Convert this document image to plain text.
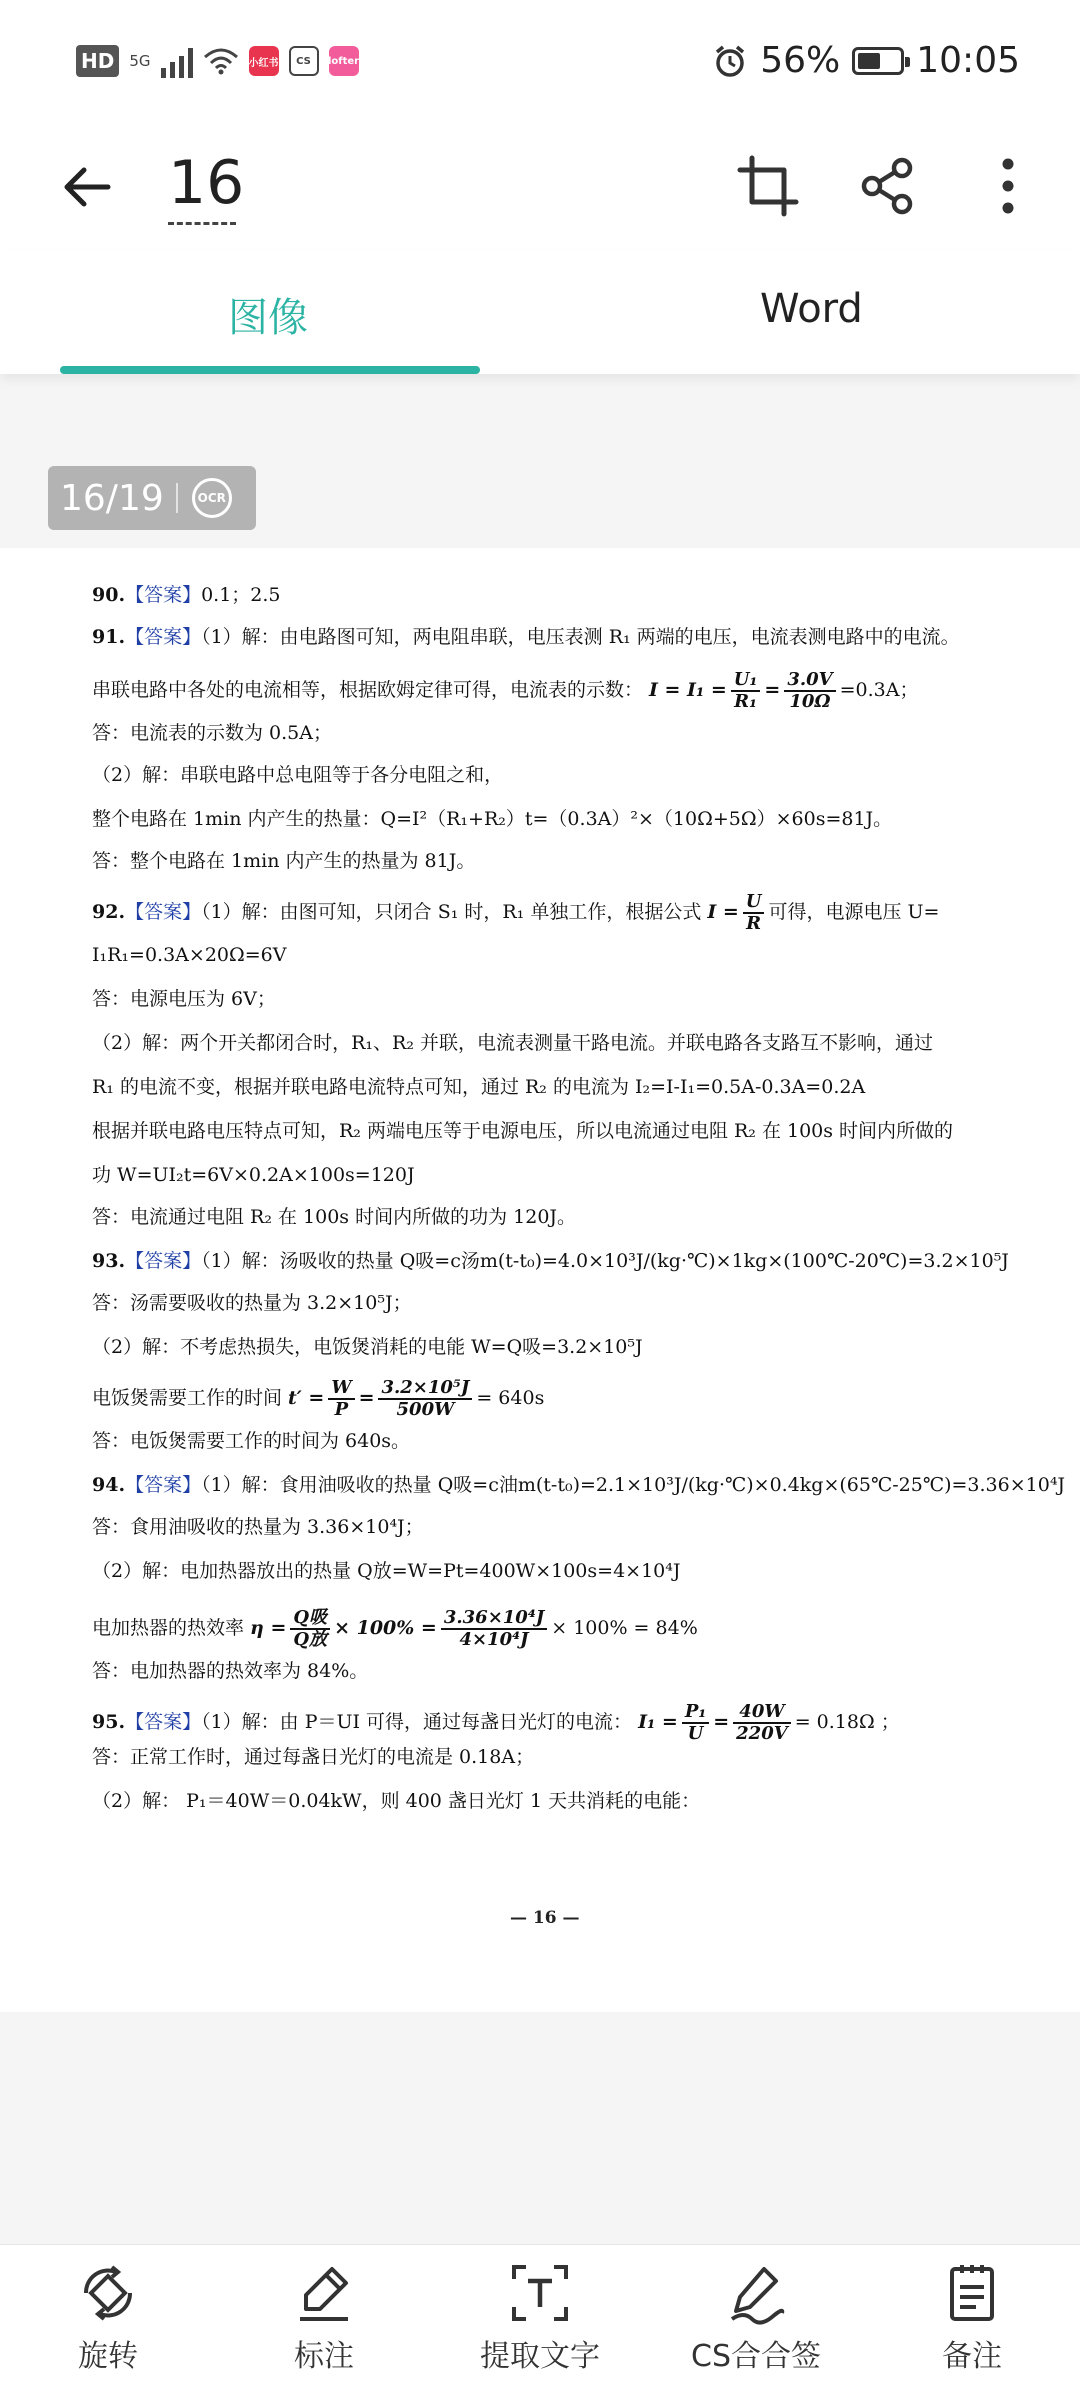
HD	5G	小红书	CS	lofter	56% 10:05
16
图像	Word
16/19	OCR
90.【答案】0.1；2.5
91.【答案】（1）解：由电路图可知，两电阻串联，电压表测 R₁ 两端的电压，电流表测电路中的电流。
串联电路中各处的电流相等，根据欧姆定律可得，电流表的示数： $I = I_1 = \frac{\text{U₁}}{\text{R₁}} = \frac{3.0V}{10\Omega} =0.3A$；
答：电流表的示数为 0.5A；
（2）解：串联电路中总电阻等于各分电阻之和，
整个电路在 1min 内产生的热量：Q=I²（R₁+R₂）t=（0.3A）²×（10Ω+5Ω）×60s=81J。
答：整个电路在 1min 内产生的热量为 81J。
92.【答案】（1）解：由图可知，只闭合 S₁ 时，R₁ 单独工作，根据公式 $I = \frac{U}{R}$ 可得，电源电压 U=
I₁R₁=0.3A×20Ω=6V
答：电源电压为 6V；
（2）解：两个开关都闭合时，R₁、R₂ 并联，电流表测量干路电流。并联电路各支路互不影响，通过
R₁ 的电流不变，根据并联电路电流特点可知，通过 R₂ 的电流为 I₂=I-I₁=0.5A-0.3A=0.2A
根据并联电路电压特点可知，R₂ 两端电压等于电源电压，所以电流通过电阻 R₂ 在 100s 时间内所做的
功 W=UI₂t=6V×0.2A×100s=120J
答：电流通过电阻 R₂ 在 100s 时间内所做的功为 120J。
93.【答案】（1）解：汤吸收的热量 Q吸=c汤m(t-t₀)=4.0×10³J/(kg·℃)×1kg×(100℃-20℃)=3.2×10⁵J
答：汤需要吸收的热量为 3.2×10⁵J；
（2）解：不考虑热损失，电饭煲消耗的电能 W=Q吸=3.2×10⁵J
电饭煲需要工作的时间 $t' = \frac{W}{P} = \frac{\text{3.2×10⁵J}}{500W} = 640s$
答：电饭煲需要工作的时间为 640s。
94.【答案】（1）解：食用油吸收的热量 Q吸=c油m(t-t₀)=2.1×10³J/(kg·℃)×0.4kg×(65℃-25℃)=3.36×10⁴J
答：食用油吸收的热量为 3.36×10⁴J；
（2）解：电加热器放出的热量 Q放=W=Pt=400W×100s=4×10⁴J
电加热器的热效率 $\eta = \frac{\text{Q吸}}{\text{Q放}} \times 100\% = \frac{\text{3.36×10⁴J}}{\text{4×10⁴J}} \times 100\% = 84\%$
答：电加热器的热效率为 84%。
95.【答案】（1）解：由 P＝UI 可得，通过每盏日光灯的电流： $I_1 = \frac{\text{P₁}}{U} = \frac{40W}{220V} = 0.18\Omega$ ；
答：正常工作时，通过每盏日光灯的电流是 0.18A；
（2）解： P₁＝40W＝0.04kW，则 400 盏日光灯 1 天共消耗的电能：
— 16 —
旋转	标注	提取文字	CS合合签	备注
